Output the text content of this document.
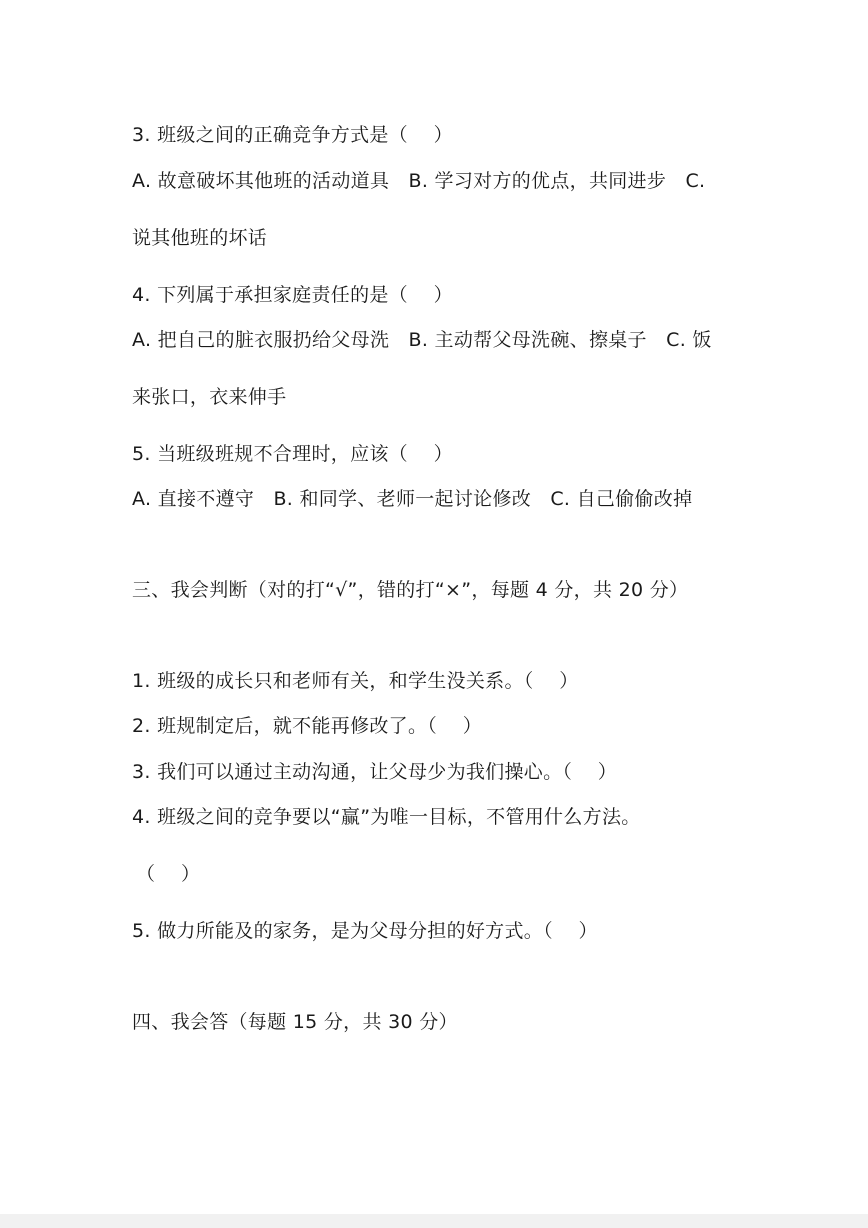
3. 班级之间的正确竞争方式是（　 ）
A. 故意破坏其他班的活动道具　B. 学习对方的优点，共同进步　C.
说其他班的坏话
4. 下列属于承担家庭责任的是（　 ）
A. 把自己的脏衣服扔给父母洗　B. 主动帮父母洗碗、擦桌子　C. 饭
来张口，衣来伸手
5. 当班级班规不合理时，应该（　 ）
A. 直接不遵守　B. 和同学、老师一起讨论修改　C. 自己偷偷改掉
三、我会判断（对的打“√”，错的打“×”，每题 4 分，共 20 分）
1. 班级的成长只和老师有关，和学生没关系。（　 ）
2. 班规制定后，就不能再修改了。（　 ）
3. 我们可以通过主动沟通，让父母少为我们操心。（　 ）
4. 班级之间的竞争要以“赢”为唯一目标，不管用什么方法。
（　 ）
5. 做力所能及的家务，是为父母分担的好方式。（　 ）
四、我会答（每题 15 分，共 30 分）
